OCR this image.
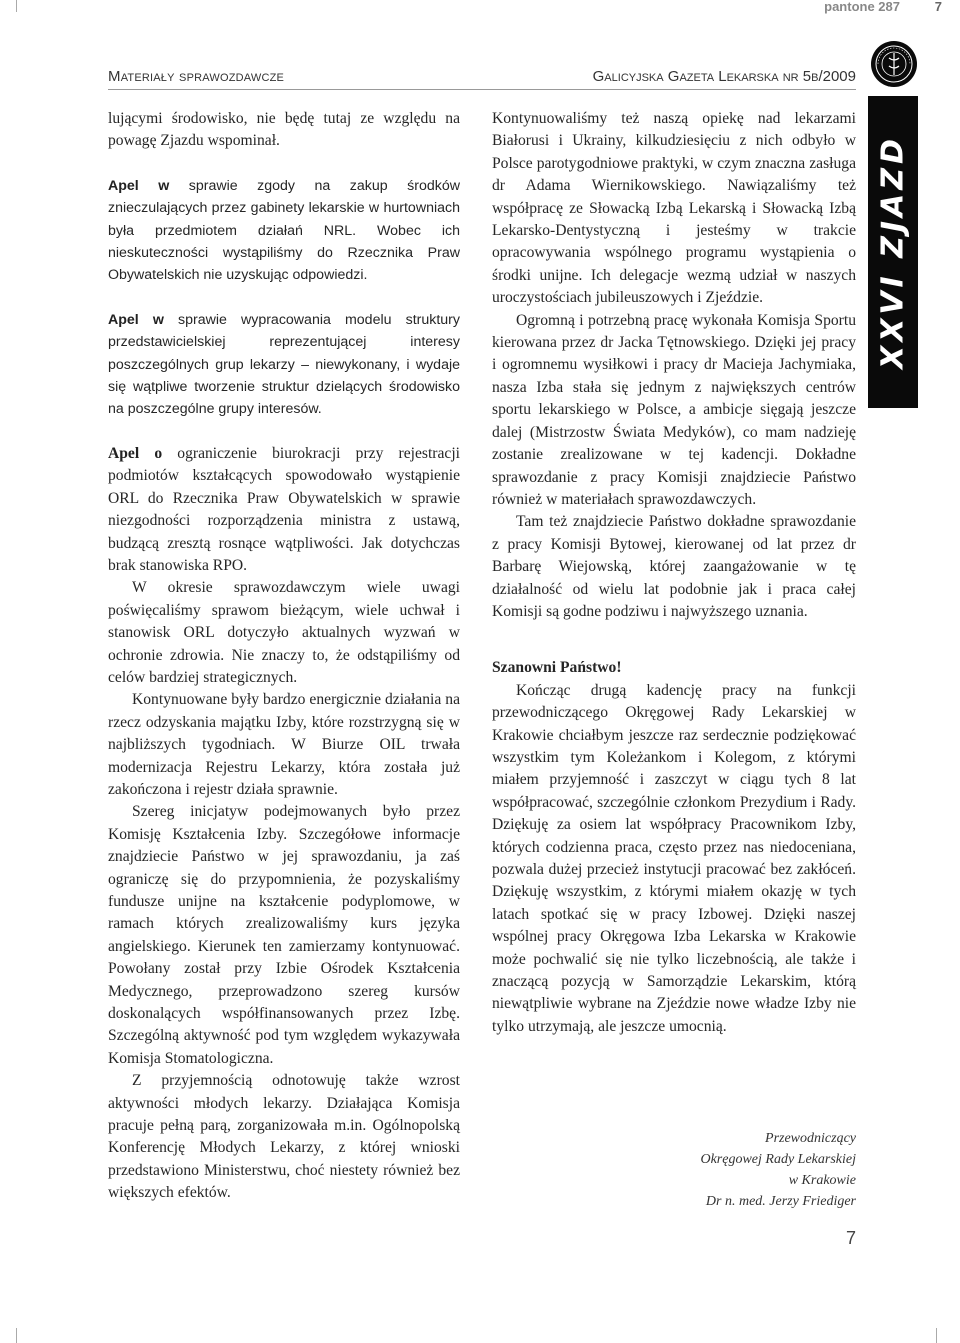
pantone 287	7
Materiały sprawozdawcze	Galicyjska Gazeta Lekarska nr 5b/2009
XXVI ZJAZD

lującymi środowisko, nie będę tutaj ze względu na powagę Zjazdu wspominał.

Apel w sprawie zgody na zakup środków znieczulających przez gabinety lekarskie w hurtowniach była przedmiotem działań NRL. Wobec ich nieskuteczności wystąpiliśmy do Rzecznika Praw Obywatelskich nie uzyskując odpowiedzi.

Apel w sprawie wypracowania modelu struktury przedstawicielskiej reprezentującej interesy poszczególnych grup lekarzy – niewykonany, i wydaje się wątpliwe tworzenie struktur dzielących środowisko na poszczególne grupy interesów.

Apel o ograniczenie biurokracji przy rejestracji podmiotów kształcących spowodowało wystąpienie ORL do Rzecznika Praw Obywatelskich w sprawie niezgodności rozporządzenia ministra z ustawą, budzącą zresztą rosnące wątpliwości. Jak dotychczas brak stanowiska RPO.

W okresie sprawozdawczym wiele uwagi poświęcaliśmy sprawom bieżącym, wiele uchwał i stanowisk ORL dotyczyło aktualnych wyzwań w ochronie zdrowia. Nie znaczy to, że odstąpiliśmy od celów bardziej strategicznych.

Kontynuowane były bardzo energicznie działania na rzecz odzyskania majątku Izby, które rozstrzygną się w najbliższych tygodniach. W Biurze OIL trwała modernizacja Rejestru Lekarzy, która została już zakończona i rejestr działa sprawnie.

Szereg inicjatyw podejmowanych było przez Komisję Kształcenia Izby. Szczegółowe informacje znajdziecie Państwo w jej sprawozdaniu, ja zaś ograniczę się do przypomnienia, że pozyskaliśmy fundusze unijne na kształcenie podyplomowe, w ramach których zrealizowaliśmy kurs języka angielskiego. Kierunek ten zamierzamy kontynuować. Powołany został przy Izbie Ośrodek Kształcenia Medycznego, przeprowadzono szereg kursów doskonalących współfinansowanych przez Izbę. Szczególną aktywność pod tym względem wykazywała Komisja Stomatologiczna.

Z przyjemnością odnotowuję także wzrost aktywności młodych lekarzy. Działająca Komisja pracuje pełną parą, zorganizowała m.in. Ogólnopolską Konferencję Młodych Lekarzy, z której wnioski przedstawiono Ministerstwu, choć niestety również bez większych efektów.

Kontynuowaliśmy też naszą opiekę nad lekarzami Białorusi i Ukrainy, kilkudziesięciu z nich odbyło w Polsce parotygodniowe praktyki, w czym znaczna zasługa dr Adama Wiernikowskiego. Nawiązaliśmy też współpracę ze Słowacką Izbą Lekarską i Słowacką Izbą Lekarsko-Dentystyczną i jesteśmy w trakcie opracowywania wspólnego programu wystąpienia o środki unijne. Ich delegacje wezmą udział w naszych uroczystościach jubileuszowych i Zjeździe.

Ogromną i potrzebną pracę wykonała Komisja Sportu kierowana przez dr Jacka Tętnowskiego. Dzięki jej pracy i ogromnemu wysiłkowi i pracy dr Macieja Jachymiaka, nasza Izba stała się jednym z największych centrów sportu lekarskiego w Polsce, a ambicje sięgają jeszcze dalej (Mistrzostw Świata Medyków), co mam nadzieję zostanie zrealizowane w tej kadencji. Dokładne sprawozdanie z pracy Komisji znajdziecie Państwo również w materiałach sprawozdawczych.

Tam też znajdziecie Państwo dokładne sprawozdanie z pracy Komisji Bytowej, kierowanej od lat przez dr Barbarę Wiejowską, której zaangażowanie w tę działalność od wielu lat podobnie jak i praca całej Komisji są godne podziwu i najwyższego uznania.

Szanowni Państwo!

Kończąc drugą kadencję pracy na funkcji przewodniczącego Okręgowej Rady Lekarskiej w Krakowie chciałbym jeszcze raz serdecznie podziękować wszystkim tym Koleżankom i Kolegom, z którymi miałem przyjemność i zaszczyt w ciągu tych 8 lat współpracować, szczególnie członkom Prezydium i Rady. Dziękuję za osiem lat współpracy Pracownikom Izby, których codzienna praca, często przez nas niedoceniana, pozwala dużej przecież instytucji pracować bez zakłóceń. Dziękuję wszystkim, z którymi miałem okazję w tych latach spotkać się w pracy Izbowej. Dzięki naszej wspólnej pracy Okręgowa Izba Lekarska w Krakowie może pochwalić się nie tylko liczebnością, ale także i znaczącą pozycją w Samorządzie Lekarskim, którą niewątpliwie wybrane na Zjeździe nowe władze Izby nie tylko utrzymają, ale jeszcze umocnią.

Przewodniczący
Okręgowej Rady Lekarskiej
w Krakowie
Dr n. med. Jerzy Friediger
7
